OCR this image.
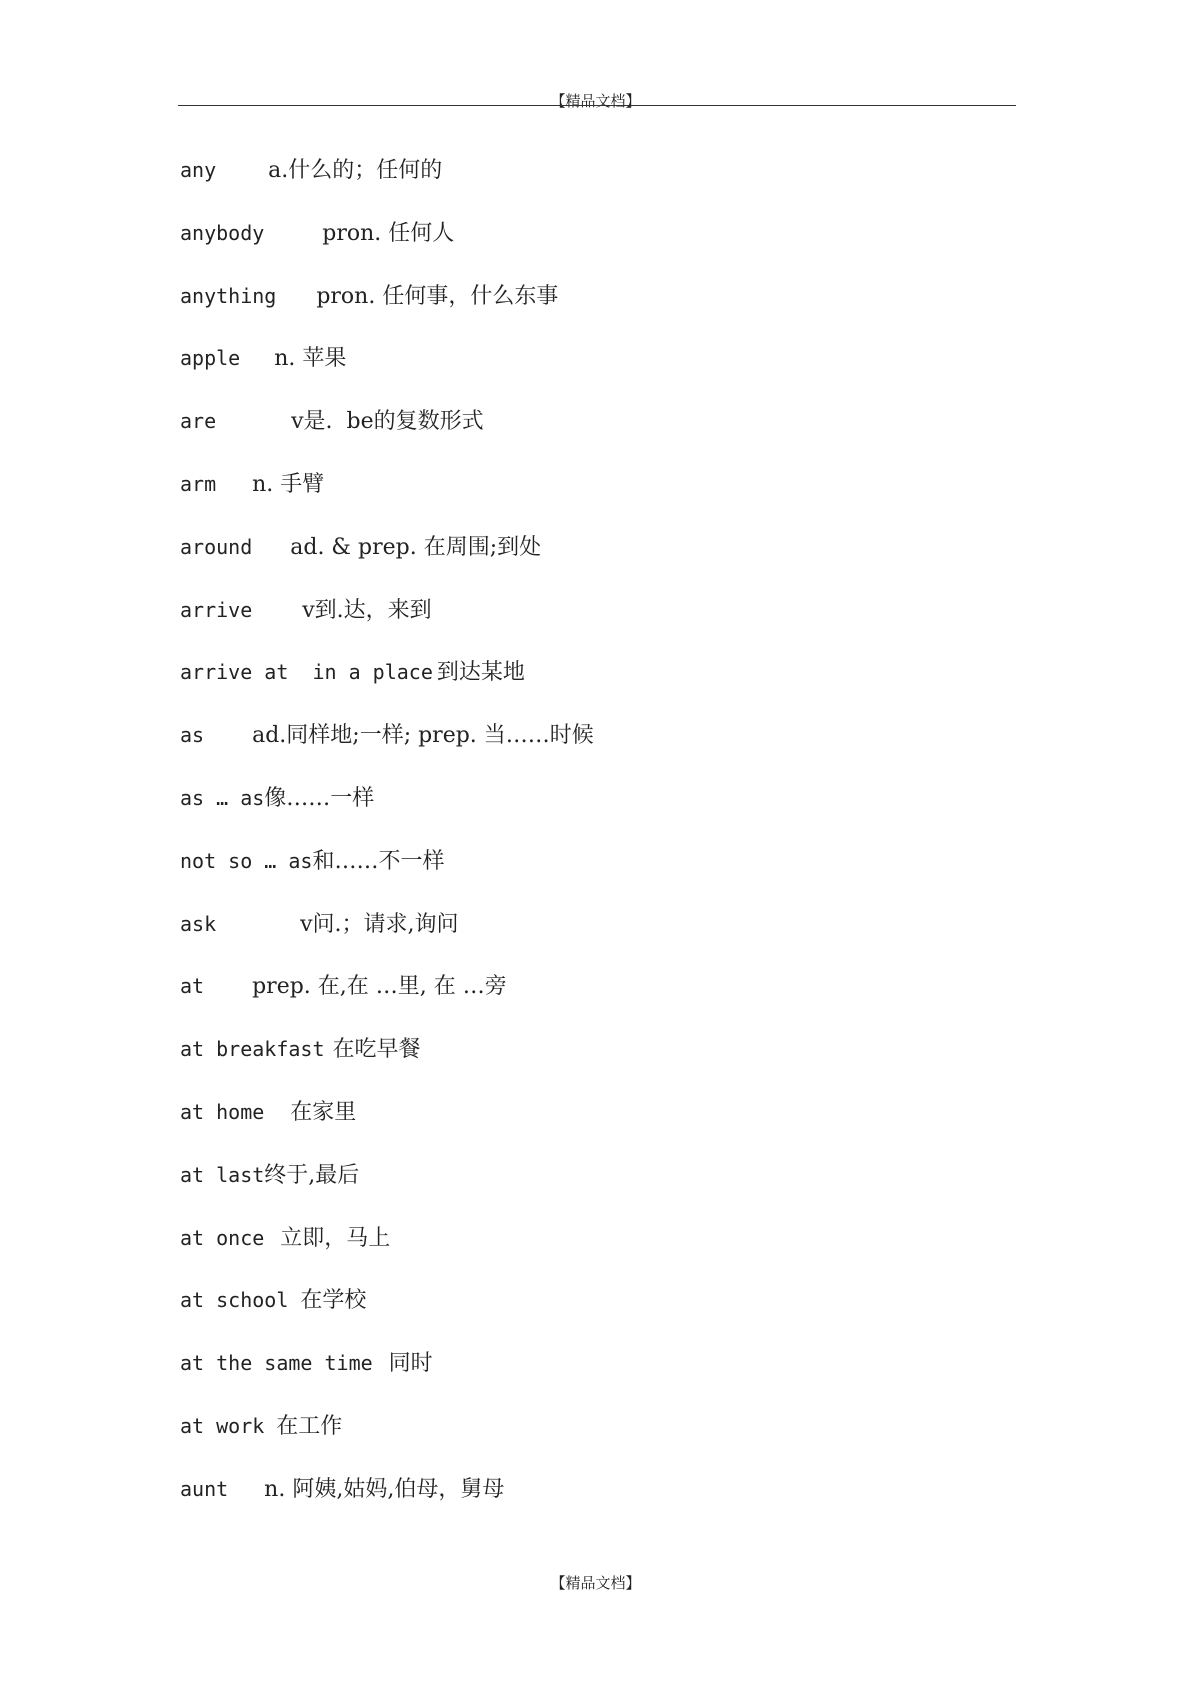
【精品文档】
any a.什么的；任何的
anybody	pron. 任何人
anything pron. 任何事，什么东事
apple n. 苹果
are	v是.  be的复数形式
arm n. 手臂
around ad. & prep. 在周围;到处
arrive v到.达，来到
arrive at  in a place 到达某地
as ad.同样地;一样; prep. 当……时候
as … as像……一样
not so … as和……不一样
ask	v问.；请求,询问
at prep. 在,在 …里, 在 …旁
at breakfast 在吃早餐
at home 在家里
at last终于,最后
at once 立即，马上
at school 在学校
at the same time 同时
at work 在工作
aunt n. 阿姨,姑妈,伯母，舅母
【精品文档】
